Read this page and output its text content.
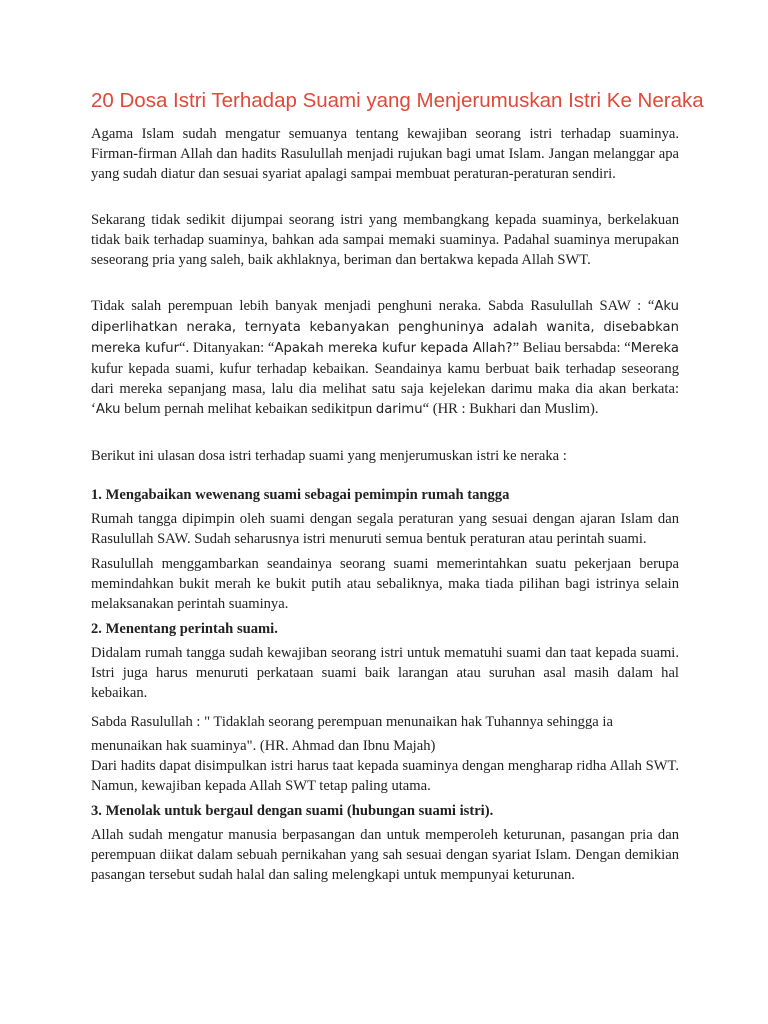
20 Dosa Istri Terhadap Suami yang Menjerumuskan Istri Ke Neraka

Agama Islam sudah mengatur semuanya tentang kewajiban seorang istri terhadap suaminya. Firman-firman Allah dan hadits Rasulullah menjadi rujukan bagi umat Islam. Jangan melanggar apa yang sudah diatur dan sesuai syariat apalagi sampai membuat peraturan-peraturan sendiri.

Sekarang tidak sedikit dijumpai seorang istri yang membangkang kepada suaminya, berkelakuan tidak baik terhadap suaminya, bahkan ada sampai memaki suaminya. Padahal suaminya merupakan seseorang pria yang saleh, baik akhlaknya, beriman dan bertakwa kepada Allah SWT.

Tidak salah perempuan lebih banyak menjadi penghuni neraka. Sabda Rasulullah SAW : “Aku diperlihatkan neraka, ternyata kebanyakan penghuninya adalah wanita, disebabkan mereka kufur“. Ditanyakan: “Apakah mereka kufur kepada Allah?” Beliau bersabda: “Mereka kufur kepada suami, kufur terhadap kebaikan. Seandainya kamu berbuat baik terhadap seseorang dari mereka sepanjang masa, lalu dia melihat satu saja kejelekan darimu maka dia akan berkata: ‘Aku belum pernah melihat kebaikan sedikitpun darimu“ (HR : Bukhari dan Muslim).

Berikut ini ulasan dosa istri terhadap suami yang menjerumuskan istri ke neraka :

1. Mengabaikan wewenang suami sebagai pemimpin rumah tangga

Rumah tangga dipimpin oleh suami dengan segala peraturan yang sesuai dengan ajaran Islam dan Rasulullah SAW. Sudah seharusnya istri menuruti semua bentuk peraturan atau perintah suami.

Rasulullah menggambarkan seandainya seorang suami memerintahkan suatu pekerjaan berupa memindahkan bukit merah ke bukit putih atau sebaliknya, maka tiada pilihan bagi istrinya selain melaksanakan perintah suaminya.

2. Menentang perintah suami.

Didalam rumah tangga sudah kewajiban seorang istri untuk mematuhi suami dan taat kepada suami. Istri juga harus menuruti perkataan suami baik larangan atau suruhan asal masih dalam hal kebaikan.

Sabda Rasulullah : " Tidaklah seorang perempuan menunaikan hak Tuhannya sehingga ia

menunaikan hak suaminya". (HR. Ahmad dan Ibnu Majah)

Dari hadits dapat disimpulkan istri harus taat kepada suaminya dengan mengharap ridha Allah SWT. Namun, kewajiban kepada Allah SWT tetap paling utama.

3. Menolak untuk bergaul dengan suami (hubungan suami istri).

Allah sudah mengatur manusia berpasangan dan untuk memperoleh keturunan, pasangan pria dan perempuan diikat dalam sebuah pernikahan yang sah sesuai dengan syariat Islam. Dengan demikian pasangan tersebut sudah halal dan saling melengkapi untuk mempunyai keturunan.
